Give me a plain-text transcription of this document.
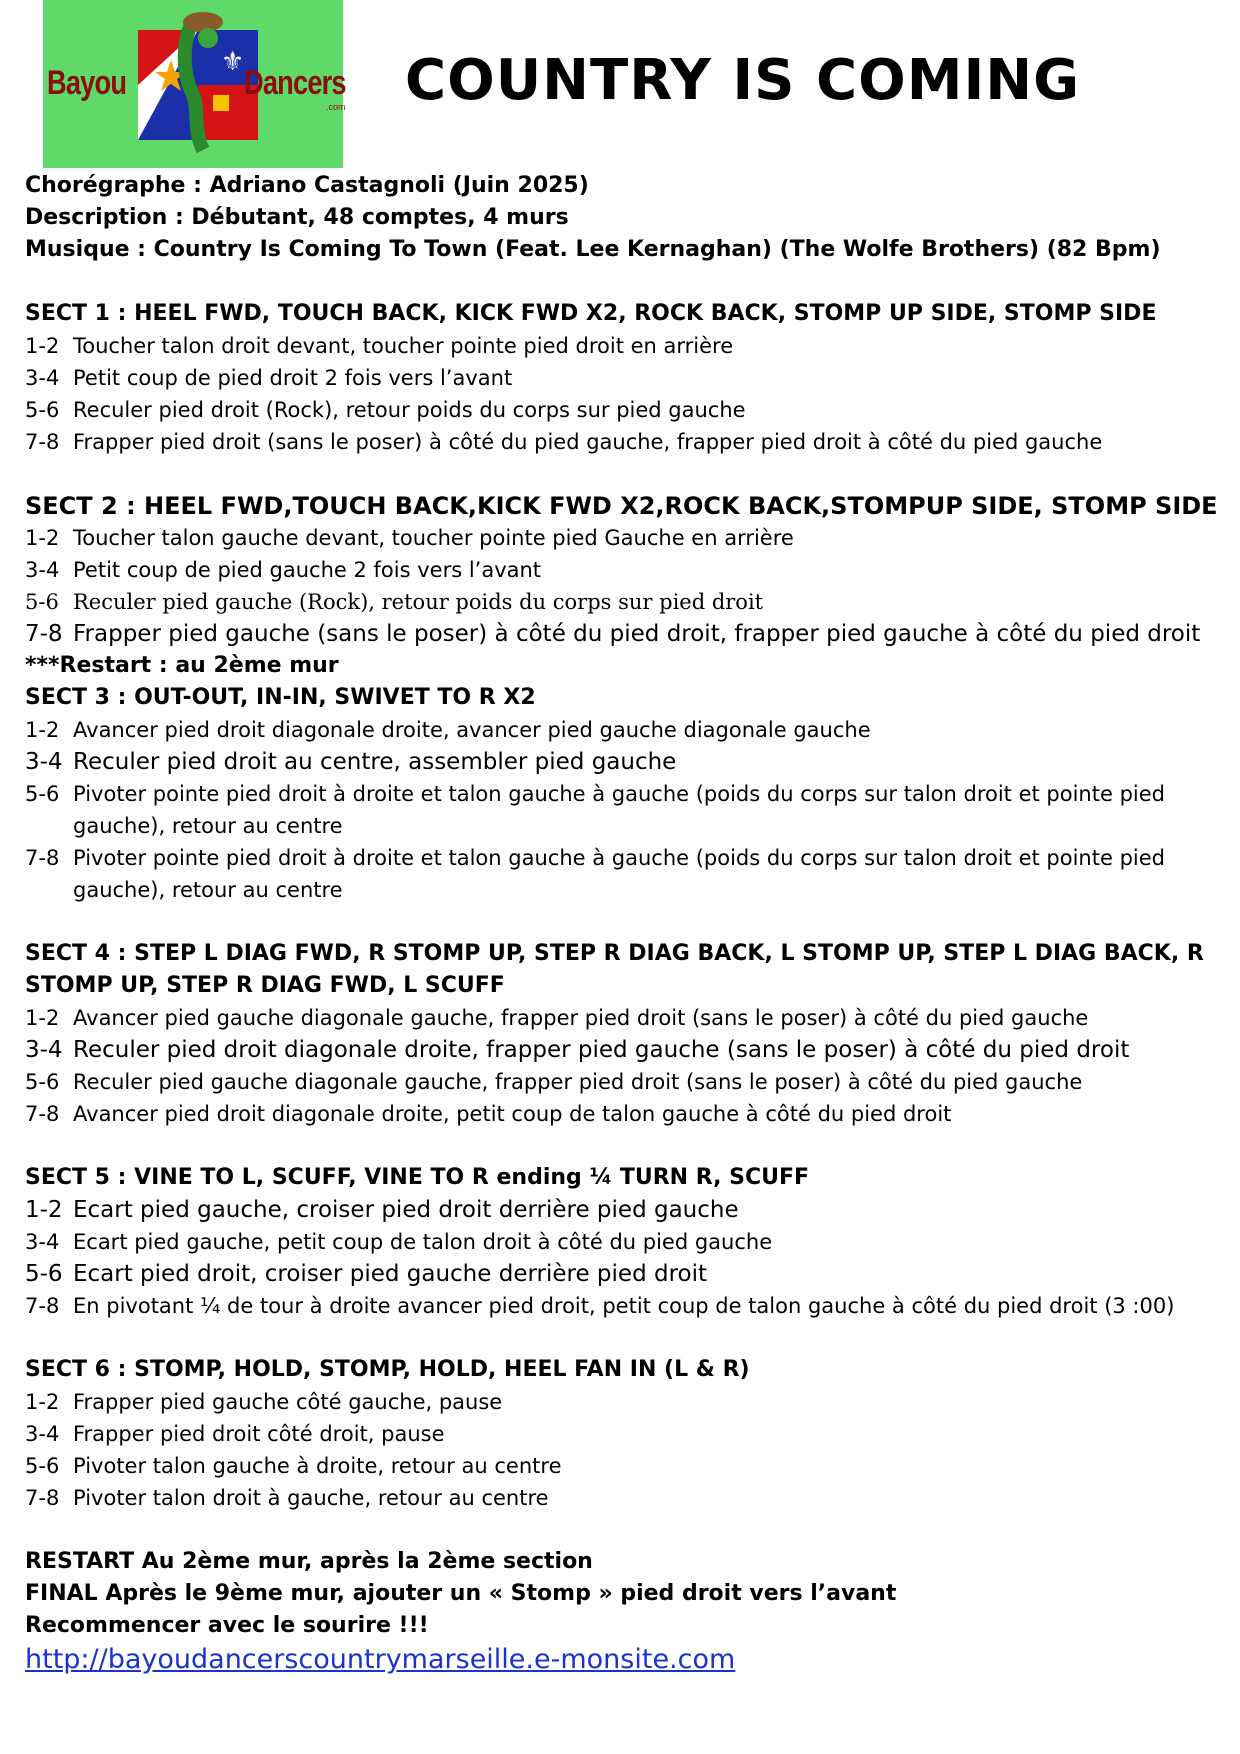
⚜
Bayou	Dancers
.com COUNTRY IS COMING
Chorégraphe : Adriano Castagnoli (Juin 2025)
Description : Débutant, 48 comptes, 4 murs
Musique : Country Is Coming To Town (Feat. Lee Kernaghan) (The Wolfe Brothers) (82 Bpm)
SECT 1 : HEEL FWD, TOUCH BACK, KICK FWD X2, ROCK BACK, STOMP UP SIDE, STOMP SIDE
1-2 Toucher talon droit devant, toucher pointe pied droit en arrière
3-4 Petit coup de pied droit 2 fois vers l’avant
5-6 Reculer pied droit (Rock), retour poids du corps sur pied gauche
7-8 Frapper pied droit (sans le poser) à côté du pied gauche, frapper pied droit à côté du pied gauche
SECT 2 : HEEL FWD,TOUCH BACK,KICK FWD X2,ROCK BACK,STOMPUP SIDE, STOMP SIDE
1-2 Toucher talon gauche devant, toucher pointe pied Gauche en arrière
3-4 Petit coup de pied gauche 2 fois vers l’avant
5-6 Reculer pied gauche (Rock), retour poids du corps sur pied droit
7-8 Frapper pied gauche (sans le poser) à côté du pied droit, frapper pied gauche à côté du pied droit
***Restart : au 2ème mur
SECT 3 : OUT-OUT, IN-IN, SWIVET TO R X2
1-2 Avancer pied droit diagonale droite, avancer pied gauche diagonale gauche
3-4 Reculer pied droit au centre, assembler pied gauche
5-6 Pivoter pointe pied droit à droite et talon gauche à gauche (poids du corps sur talon droit et pointe pied
gauche), retour au centre
7-8 Pivoter pointe pied droit à droite et talon gauche à gauche (poids du corps sur talon droit et pointe pied
gauche), retour au centre
SECT 4 : STEP L DIAG FWD, R STOMP UP, STEP R DIAG BACK, L STOMP UP, STEP L DIAG BACK, R
STOMP UP, STEP R DIAG FWD, L SCUFF
1-2 Avancer pied gauche diagonale gauche, frapper pied droit (sans le poser) à côté du pied gauche
3-4 Reculer pied droit diagonale droite, frapper pied gauche (sans le poser) à côté du pied droit
5-6 Reculer pied gauche diagonale gauche, frapper pied droit (sans le poser) à côté du pied gauche
7-8 Avancer pied droit diagonale droite, petit coup de talon gauche à côté du pied droit
SECT 5 : VINE TO L, SCUFF, VINE TO R ending ¼ TURN R, SCUFF
1-2 Ecart pied gauche, croiser pied droit derrière pied gauche
3-4 Ecart pied gauche, petit coup de talon droit à côté du pied gauche
5-6 Ecart pied droit, croiser pied gauche derrière pied droit
7-8 En pivotant ¼ de tour à droite avancer pied droit, petit coup de talon gauche à côté du pied droit (3 :00)
SECT 6 : STOMP, HOLD, STOMP, HOLD, HEEL FAN IN (L & R)
1-2 Frapper pied gauche côté gauche, pause
3-4 Frapper pied droit côté droit, pause
5-6 Pivoter talon gauche à droite, retour au centre
7-8 Pivoter talon droit à gauche, retour au centre
RESTART Au 2ème mur, après la 2ème section
FINAL Après le 9ème mur, ajouter un « Stomp » pied droit vers l’avant
Recommencer avec le sourire !!!
http://bayoudancerscountrymarseille.e-monsite.com
